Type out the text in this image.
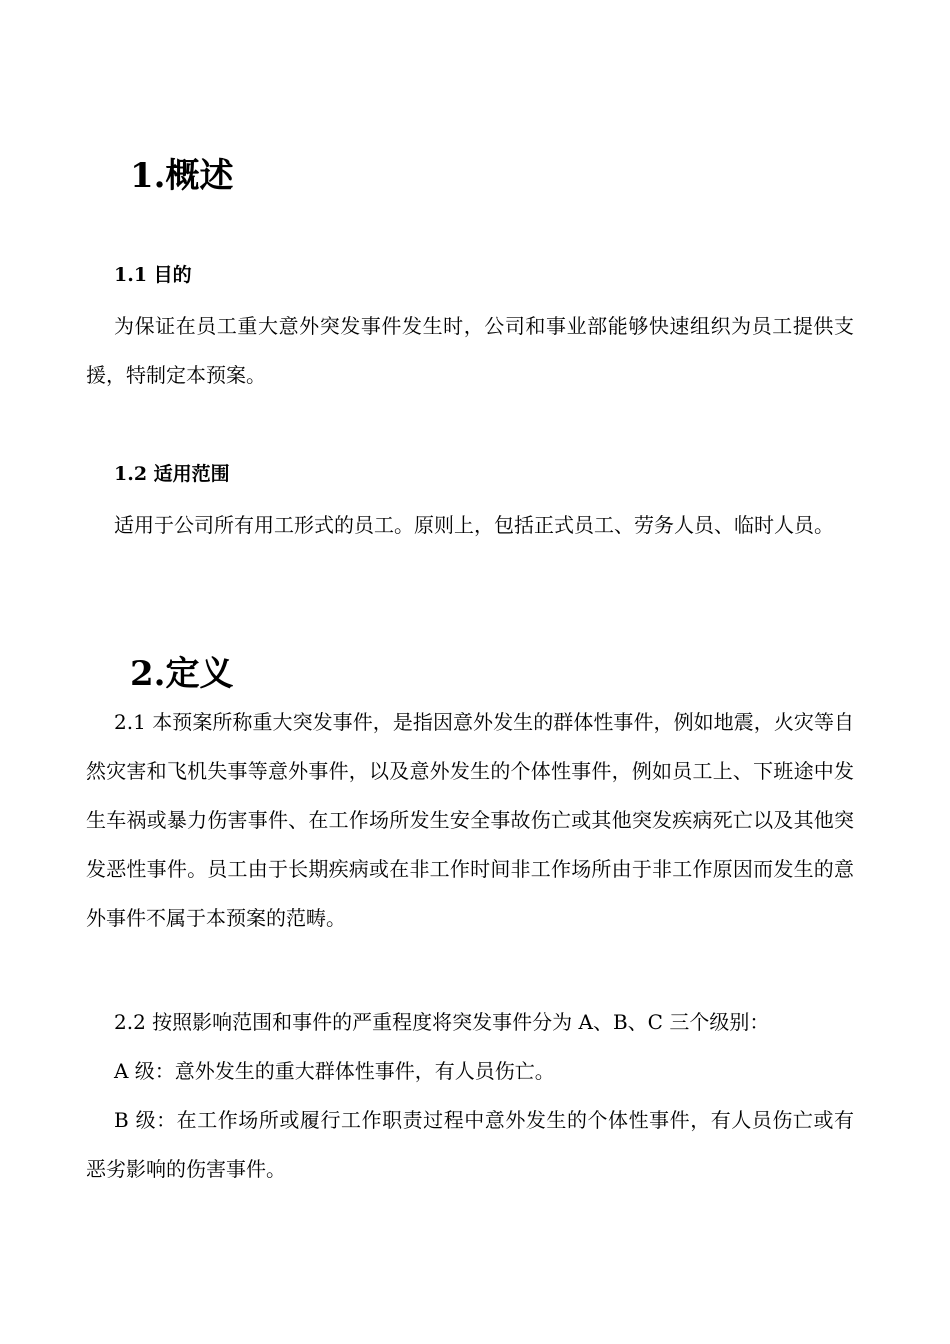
1.概述
1.1 目的

为保证在员工重大意外突发事件发生时，公司和事业部能够快速组织为员工提供支援，特制定本预案。

1.2 适用范围

适用于公司所有用工形式的员工。原则上，包括正式员工、劳务人员、临时人员。

2.定义

2.1 本预案所称重大突发事件，是指因意外发生的群体性事件，例如地震，火灾等自然灾害和飞机失事等意外事件，以及意外发生的个体性事件，例如员工上、下班途中发生车祸或暴力伤害事件、在工作场所发生安全事故伤亡或其他突发疾病死亡以及其他突发恶性事件。员工由于长期疾病或在非工作时间非工作场所由于非工作原因而发生的意外事件不属于本预案的范畴。

2.2 按照影响范围和事件的严重程度将突发事件分为 A、B、C 三个级别：

A 级：意外发生的重大群体性事件，有人员伤亡。

B 级：在工作场所或履行工作职责过程中意外发生的个体性事件，有人员伤亡或有恶劣影响的伤害事件。
